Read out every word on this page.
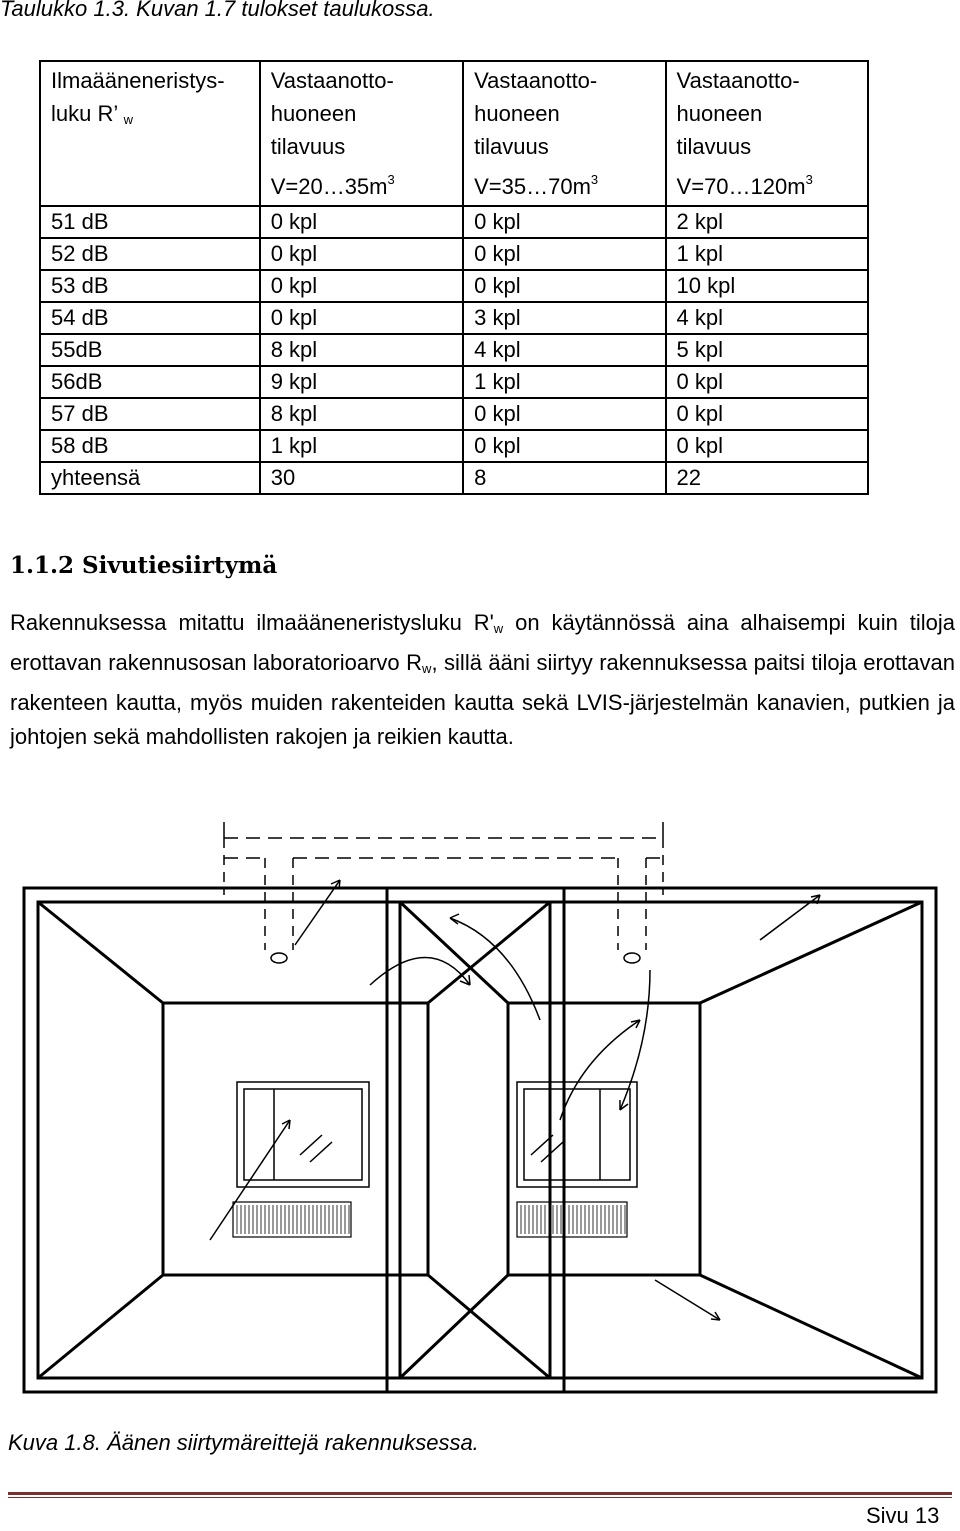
Taulukko 1.3. Kuvan 1.7 tulokset taulukossa.
Ilmaääneneristys-
luku R’ $_w$	Vastaanotto-
huoneen
tilavuus
$V=20\dots 35m^3$	Vastaanotto-
huoneen
tilavuus
$V=35\dots 70m^3$	Vastaanotto-
huoneen
tilavuus
$V=70\dots 120m^3$

51 dB	0 kpl	0 kpl	2 kpl
52 dB	0 kpl	0 kpl	1 kpl
53 dB	0 kpl	0 kpl	10 kpl
54 dB	0 kpl	3 kpl	4 kpl
55dB	8 kpl	4 kpl	5 kpl
56dB	9 kpl	1 kpl	0 kpl
57 dB	8 kpl	0 kpl	0 kpl
58 dB	1 kpl	0 kpl	0 kpl
yhteensä	30	8	22
1.1.2 Sivutiesiirtymä
Rakennuksessa mitattu ilmaääneneristysluku $R'_w$ on käytännössä aina alhaisempi kuin tiloja erottavan rakennusosan laboratorioarvo $R_w$, sillä ääni siirtyy rakennuksessa paitsi tiloja erottavan rakenteen kautta, myös muiden rakenteiden kautta sekä LVIS-järjestelmän kanavien, putkien ja johtojen sekä mahdollisten rakojen ja reikien kautta.
Kuva 1.8. Äänen siirtymäreittejä rakennuksessa.
Sivu 13
